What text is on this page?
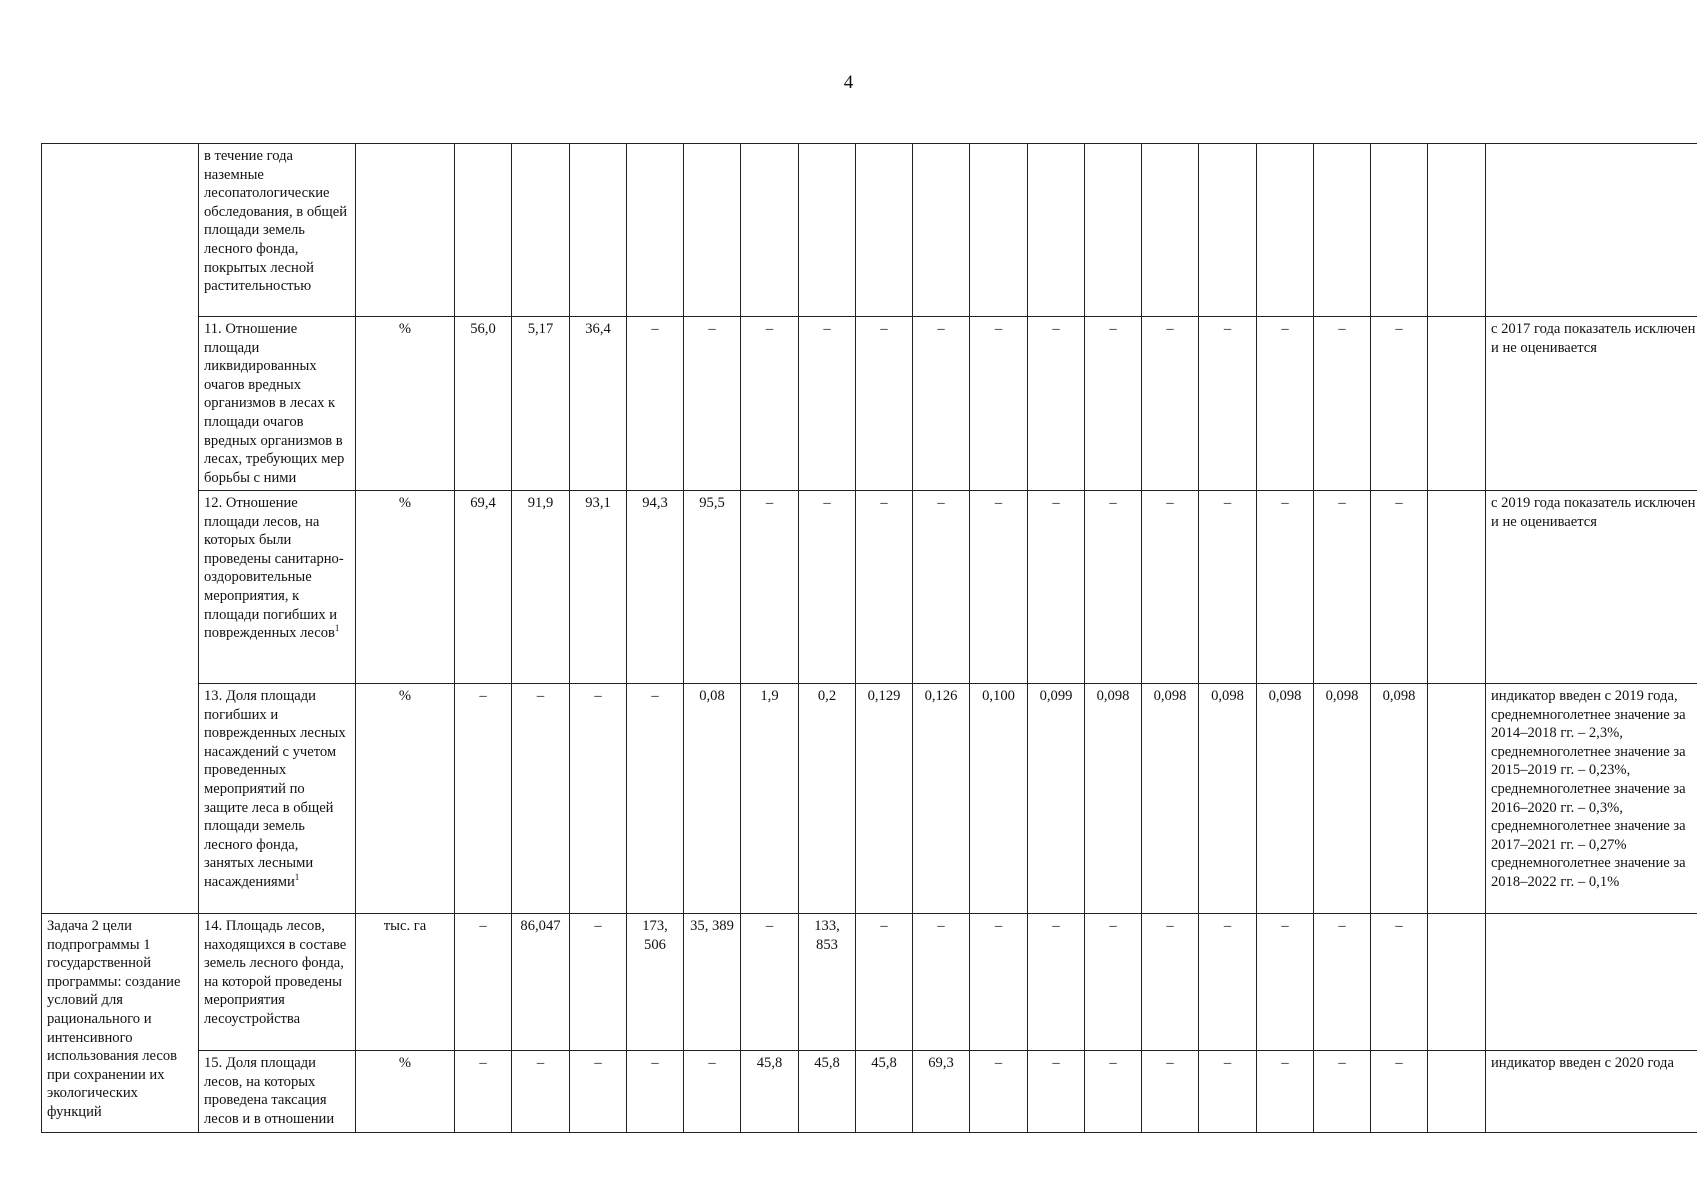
4
	в течение года наземные лесопатологические обследования, в общей площади земель лесного фонда, покрытых лесной растительностью																				
	11. Отношение площади ликвидированных очагов вредных организмов в лесах к площади очагов вредных организмов в лесах, требующих мер борьбы с ними	%	56,0	5,17	36,4	–	–	–	–	–	–	–	–	–	–	–	–	–	–		с 2017 года показатель исключен и не оценивается
	12. Отношение площади лесов, на которых были проведены санитарно-оздоровительные мероприятия, к площади погибших и поврежденных лесов$^1$	%	69,4	91,9	93,1	94,3	95,5	–	–	–	–	–	–	–	–	–	–	–	–		с 2019 года показатель исключен и не оценивается
	13. Доля площади погибших и поврежденных лесных насаждений с учетом проведенных мероприятий по защите леса в общей площади земель лесного фонда, занятых лесными насаждениями$^1$	%	–	–	–	–	0,08	1,9	0,2	0,129	0,126	0,100	0,099	0,098	0,098	0,098	0,098	0,098	0,098		индикатор введен с 2019 года, среднемноголетнее значение за 2014–2018 гг. – 2,3%, среднемноголетнее значение за 2015–2019 гг. – 0,23%, среднемноголетнее значение за 2016–2020 гг. – 0,3%, среднемноголетнее значение за 2017–2021 гг. – 0,27% среднемноголетнее значение за 2018–2022 гг. – 0,1%
Задача 2 цели подпрограммы 1 государственной программы: создание условий для рационального и интенсивного использования лесов при сохранении их экологических функций	14. Площадь лесов, находящихся в составе земель лесного фонда, на которой проведены мероприятия лесоустройства	тыс. га	–	86,047	–	173, 506	35, 389	–	133, 853	–	–	–	–	–	–	–	–	–	–		
	15. Доля площади лесов, на которых проведена таксация лесов и в отношении	%	–	–	–	–	–	45,8	45,8	45,8	69,3	–	–	–	–	–	–	–	–		индикатор введен с 2020 года
